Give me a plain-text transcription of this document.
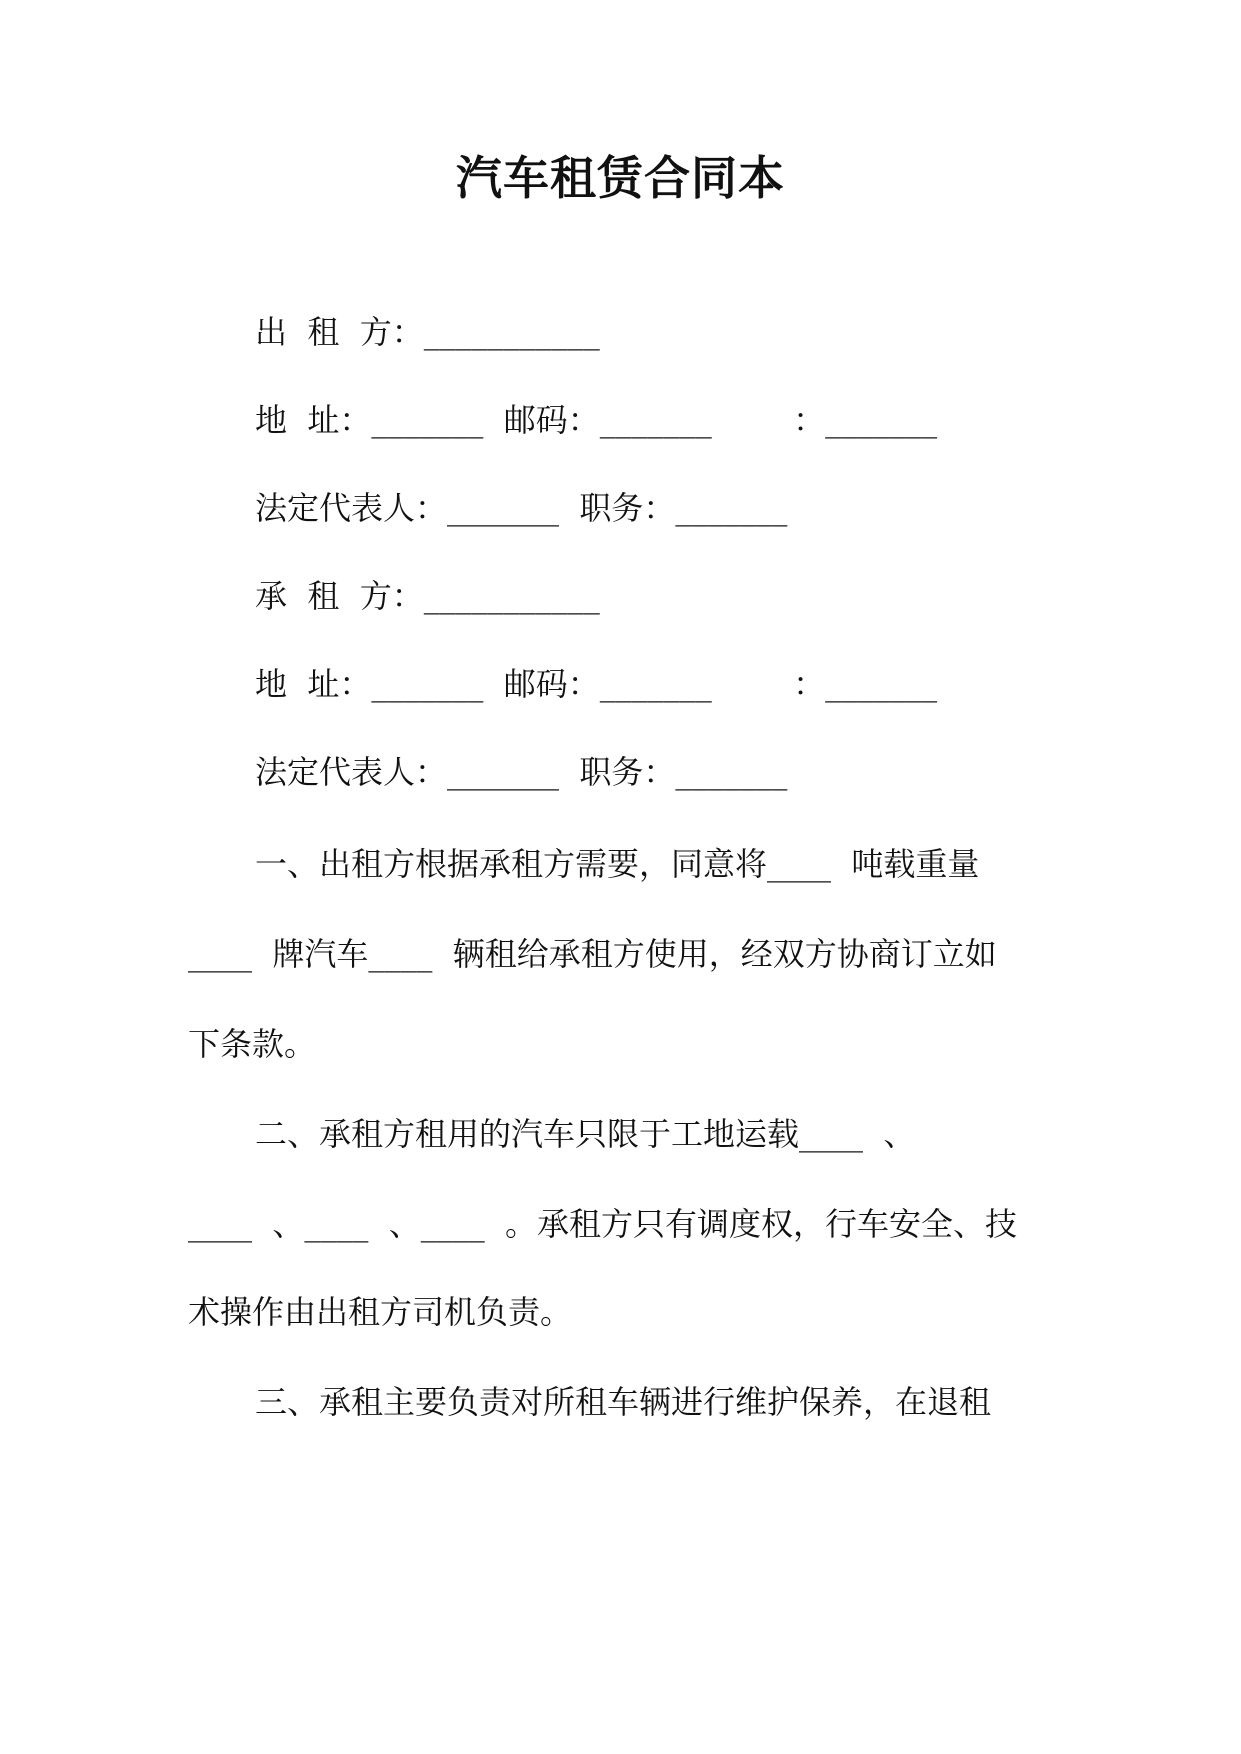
汽车租赁合同本
出  租  方：___________
地  址：_______  邮码：_______        ：_______
法定代表人：_______  职务：_______
承  租  方：___________
地  址：_______  邮码：_______        ：_______
法定代表人：_______  职务：_______
一、出租方根据承租方需要，同意将____  吨载重量
____  牌汽车____  辆租给承租方使用，经双方协商订立如
下条款。
二、承租方租用的汽车只限于工地运载____  、
____  、____  、____  。承租方只有调度权，行车安全、技
术操作由出租方司机负责。
三、承租主要负责对所租车辆进行维护保养，在退租
